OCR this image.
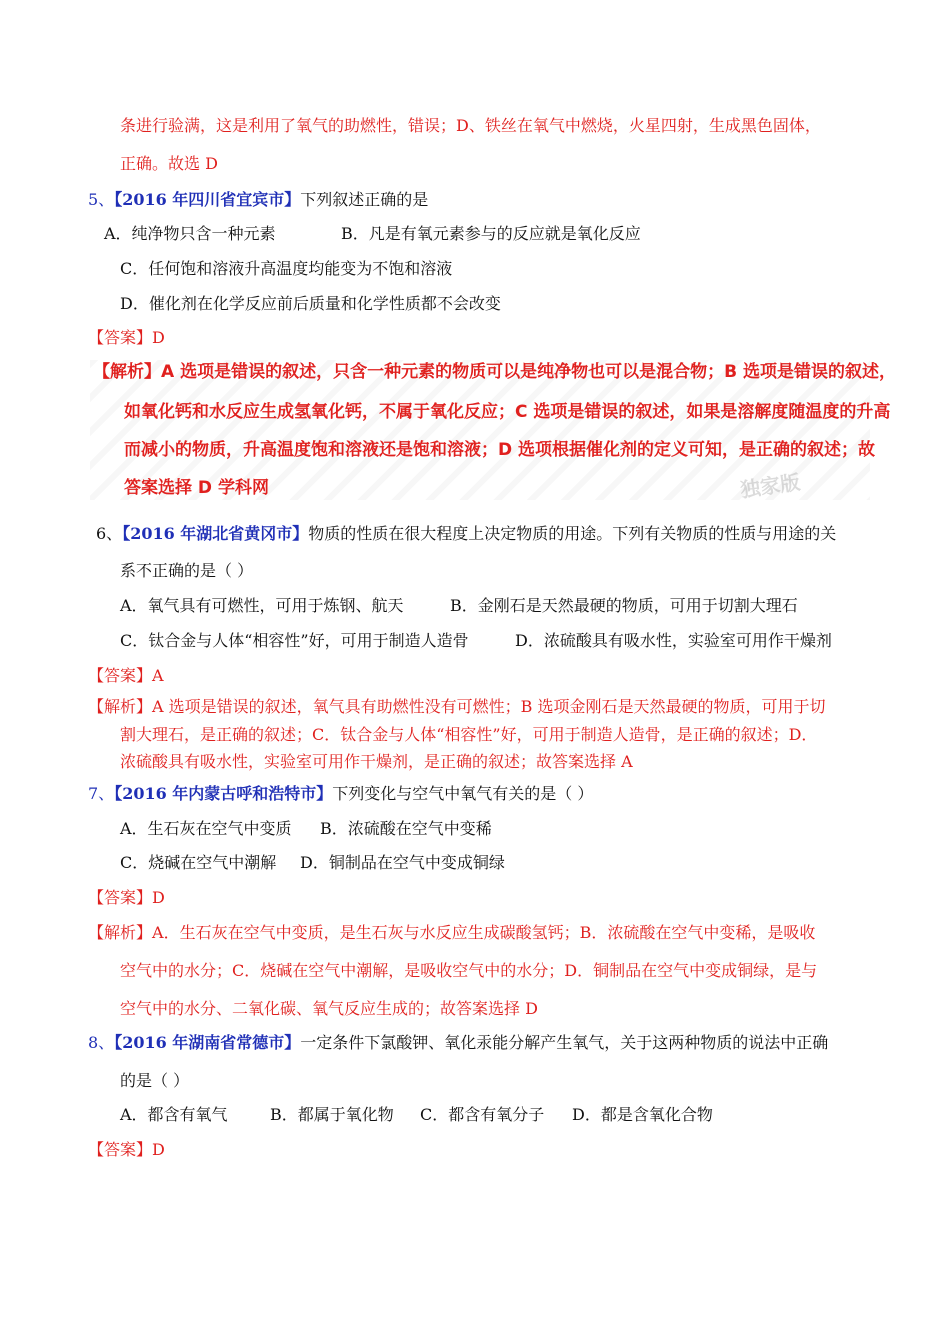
独家版
条进行验满，这是利用了氧气的助燃性，错误；D、铁丝在氧气中燃烧，火星四射，生成黑色固体，
正确。故选 D
5、【2016 年四川省宜宾市】下列叙述正确的是
A．纯净物只含一种元素	B．凡是有氧元素参与的反应就是氧化反应
C．任何饱和溶液升高温度均能变为不饱和溶液
D．催化剂在化学反应前后质量和化学性质都不会改变
【答案】D
【解析】A 选项是错误的叙述，只含一种元素的物质可以是纯净物也可以是混合物；B 选项是错误的叙述，
如氧化钙和水反应生成氢氧化钙，不属于氧化反应；C 选项是错误的叙述，如果是溶解度随温度的升高
而减小的物质，升高温度饱和溶液还是饱和溶液；D 选项根据催化剂的定义可知，是正确的叙述；故
答案选择 D 学科网
6、【2016 年湖北省黄冈市】物质的性质在很大程度上决定物质的用途。下列有关物质的性质与用途的关
系不正确的是（ ）
A．氧气具有可燃性，可用于炼钢、航天	B．金刚石是天然最硬的物质，可用于切割大理石
C．钛合金与人体“相容性”好，可用于制造人造骨	D．浓硫酸具有吸水性，实验室可用作干燥剂
【答案】A
【解析】A 选项是错误的叙述，氧气具有助燃性没有可燃性；B 选项金刚石是天然最硬的物质，可用于切
割大理石，是正确的叙述；C．钛合金与人体“相容性”好，可用于制造人造骨，是正确的叙述；D．
浓硫酸具有吸水性，实验室可用作干燥剂，是正确的叙述；故答案选择 A
7、【2016 年内蒙古呼和浩特市】下列变化与空气中氧气有关的是（ ）
A．生石灰在空气中变质 B．浓硫酸在空气中变稀
C．烧碱在空气中潮解 D．铜制品在空气中变成铜绿
【答案】D
【解析】A．生石灰在空气中变质，是生石灰与水反应生成碳酸氢钙；B．浓硫酸在空气中变稀，是吸收
空气中的水分；C．烧碱在空气中潮解，是吸收空气中的水分；D．铜制品在空气中变成铜绿，是与
空气中的水分、二氧化碳、氧气反应生成的；故答案选择 D
8、【2016 年湖南省常德市】一定条件下氯酸钾、氧化汞能分解产生氧气，关于这两种物质的说法中正确
的是（ ）
A．都含有氧气	B．都属于氧化物 C．都含有氧分子 D．都是含氧化合物
【答案】D
